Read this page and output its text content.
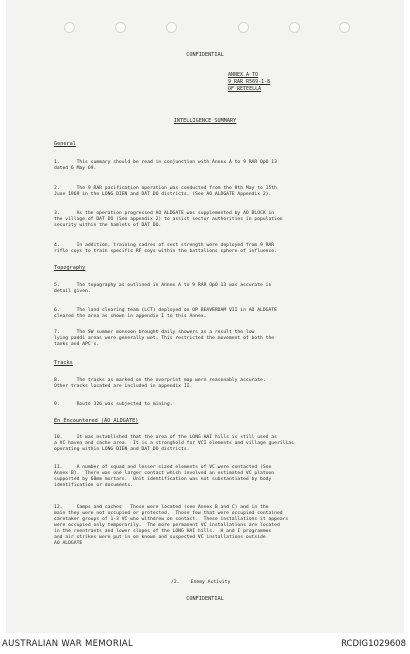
CONFIDENTIAL
ANNEX A TO
9 RAR R569-1-8
OF RETEELLA
INTELLIGENCE SUMMARY
General
1.      This summary should be read in conjunction with Annex A to 9 RAR OpO 13
dated 6 May 69.
2.      The 9 RAR pacification operation was conducted from the 8th May to 15th
June 1969 in the LONG DIEN and DAT DO districts. (See AO ALDGATE Appendix 2).
3.      As the operation progressed AO ALDGATE was supplemented by AO BLOCK in
the village of DAT DO (See appendix 2) to assist sector authorities in population
security within the hamlets of DAT DO.
4.      In addition, training cadres of sect strength were deployed from 9 RAR
rifle coys to train specific RF coys within the battalions sphere of influence.
Topography
5.      The topography as outlined in Annex A to 9 RAR OpO 13 was accurate in
detail given.
6.      The land clearing team (LCT) deployed on OP BEAVERDAM VII in AO ALDGATE
cleared the area as shown in appendix I to this Annex.
7.      The SW summer monsoon brought daily showers as a result the low
lying paddi areas were generally wet. This restricted the movement of both the
tanks and APC's.
Tracks
8.      The tracks as marked on the overprint map were reasonably accurate.
Other tracks located are included in appendix II.
9.      Route 326 was subjected to mining.
En Encountered (AO ALDGATE)
10.     It was established that the area of the LONG HAI hills is still used as
a VC haven and cache area.  It is a stronghold for VCI elements and village guerillas
operating within LONG DIEN and DAT DO districts.
11.     A number of squad and lesser sized elements of VC were contacted (See
Annex B).  There was one larger contact which involved an estimated VC platoon
supported by 60mm mortars.  Unit identification was not substantiated by body
identification or documents.
12.     Camps and caches   These were located (see Annex B and C) and in the
main they were not occupied or protected.  Those few that were occupied contained
caretaker groups of 1-3 VC who withdrew on contact.  These installations it appears
were occupied only temporarily.  The more permanent VC installations are located
in the reentrants and lower slopes of the LONG HAI hills.  H and I programmes
and air strikes were put in on known and suspected VC installations outside
AO ALDGATE
/2.    Enemy Activity
CONFIDENTIAL
AUSTRALIAN WAR MEMORIAL	RCDIG1029608
